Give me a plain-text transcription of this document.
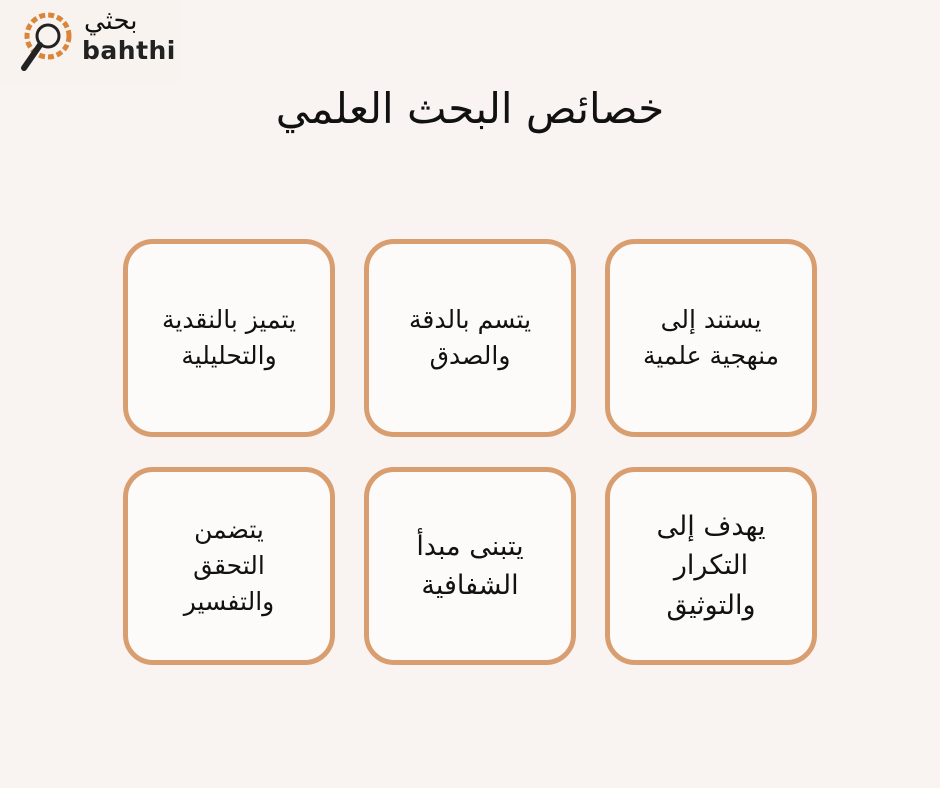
بحثي
bahthi
خصائص البحث العلمي
يستند إلى
منهجية علمية
يتسم بالدقة
والصدق
يتميز بالنقدية
والتحليلية
يهدف إلى
التكرار
والتوثيق
يتبنى مبدأ
الشفافية
يتضمن
التحقق
والتفسير
